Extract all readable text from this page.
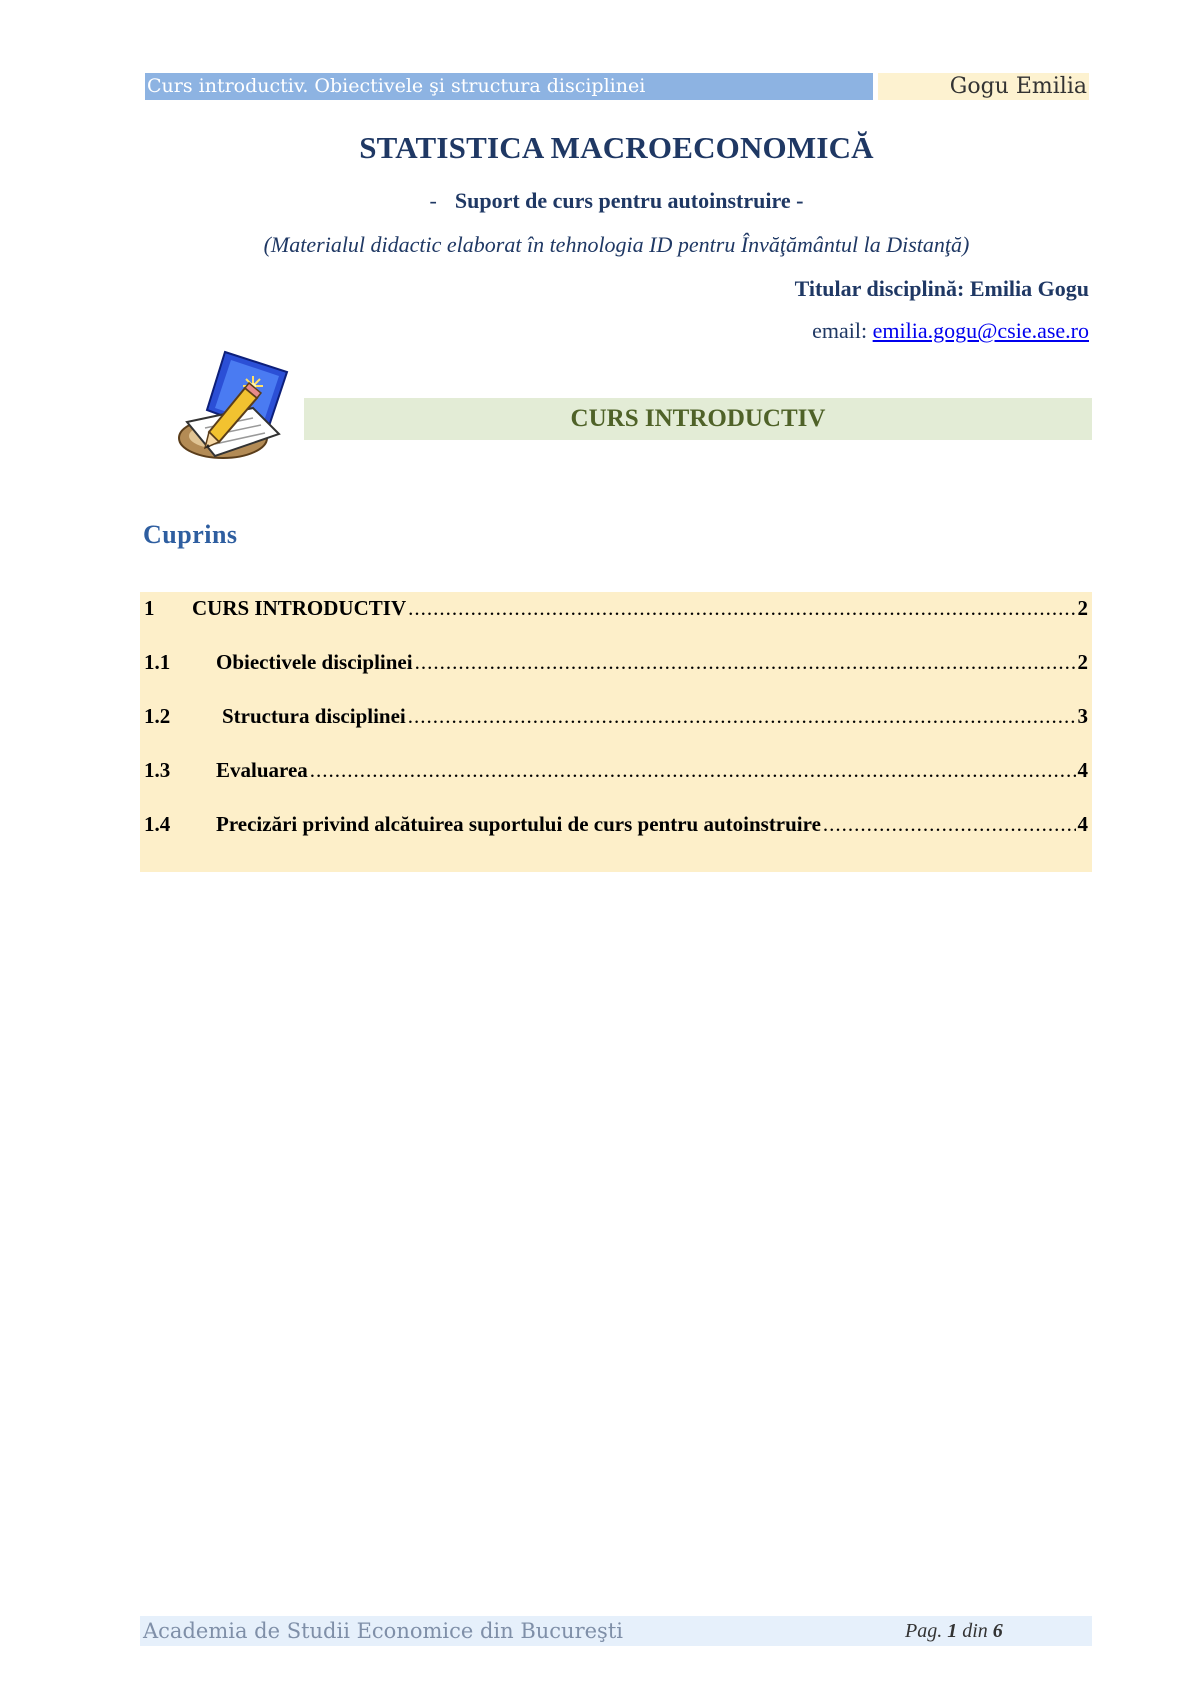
Curs introductiv. Obiectivele şi structura disciplinei	Gogu Emilia
STATISTICA MACROECONOMICĂ
- Suport de curs pentru autoinstruire -
(Materialul didactic elaborat în tehnologia ID pentru Învăţământul la Distanţă)
Titular disciplină: Emilia Gogu
email: emilia.gogu@csie.ase.ro
CURS INTRODUCTIV
Cuprins
1	CURS INTRODUCTIV .....	2
1.1	Obiectivele disciplinei .....	2
1.2	Structura disciplinei .....	3
1.3	Evaluarea .....	4
1.4	Precizări privind alcătuirea suportului de curs pentru autoinstruire .....	4
Academia de Studii Economice din Bucureşti	Pag. 1 din 6
